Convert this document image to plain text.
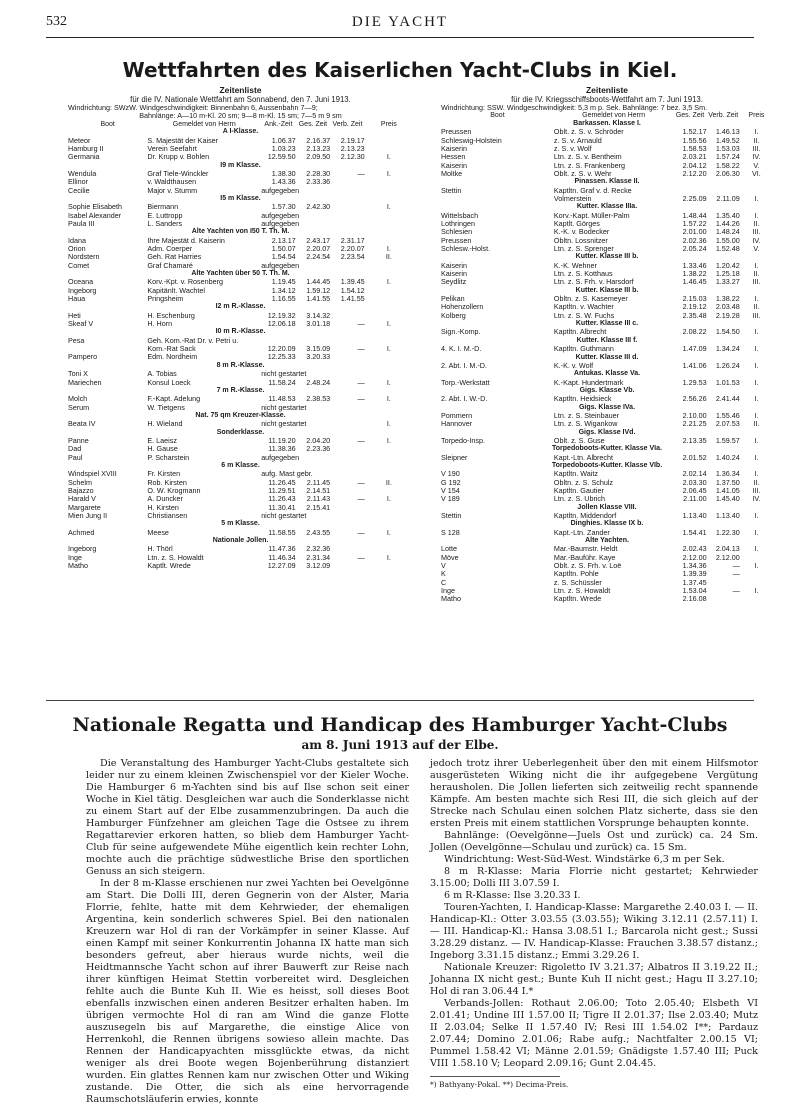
532	DIE YACHT
Wettfahrten des Kaiserlichen Yacht-Clubs in Kiel.
Zeitenliste
für die IV. Nationale Wettfahrt am Sonnabend, den 7. Juni 1913.
Windrichtung: SWzW. Windgeschwindigkeit: Binnenbahn 6, Aussenbahn 7—9;
Bahnlänge: A—10 m-Kl. 20 sm; 9—8 m-Kl. 15 sm; 7—5 m 9 sm
Boot	Gemeldet von Herrn	Ank.-Zeit	Ges. Zeit	Verb. Zeit	Preis
A I-Klasse.					
Meteor	S. Majestät der Kaiser	1.06.37	2.16.37	2.19.17	
Hamburg II	Verein Seefahrt	1.03.23	2.13.23	2.13.23	
Germania	Dr. Krupp v. Bohlen	12.59.50	2.09.50	2.12.30	I.
I9 m Klasse.					
Wendula	Graf Tiele-Winckler	1.38.30	2.28.30	—	I.
Ellinor	v. Waldthausen	1.43.36	2.33.36		
Cecilie	Major v. Stumm	aufgegeben			
I5 m Klasse.					
Sophie Elisabeth	Biermann	1.57.30	2.42.30		I.
Isabel Alexander	E. Luttropp	aufgegeben			
Paula III	L. Sanders	aufgegeben			
Alte Yachten von I50 T. Th. M.					
Idana	Ihre Majestät d. Kaiserin	2.13.17	2.43.17	2.31.17	
Orion	Adm. Coerper	1.50.07	2.20.07	2.20.07	I.
Nordstern	Geh. Rat Harries	1.54.54	2.24.54	2.23.54	II.
Comet	Graf Chamaré	aufgegeben			
Alte Yachten über 50 T. Th. M.					
Oceana	Korv.-Kpt. v. Rosenberg	1.19.45	1.44.45	1.39.45	I.
Ingeborg	Kapitänlt. Wachtel	1.34.12	1.59.12	1.54.12	
Haua	Pringsheim	1.16.55	1.41.55	1.41.55	
I2 m R.-Klasse.					
Heti	H. Eschenburg	12.19.32	3.14.32		
Skeaf V	H. Horn	12.06.18	3.01.18	—	I.
I0 m R.-Klasse.					
Pesa	Geh. Kom.-Rat Dr. v. Petri u.				
	Kom.-Rat Sack	12.20.09	3.15.09	—	I.
Pampero	Edm. Nordheim	12.25.33	3.20.33		
8 m R.-Klasse.					
Toni X	A. Tobias	nicht gestartet			
Mariechen	Konsul Loeck	11.58.24	2.48.24	—	I.
7 m R.-Klasse.					
Molch	F.-Kapt. Adelung	11.48.53	2.38.53	—	I.
Serum	W. Tietgens	nicht gestartet			
Nat. 75 qm Kreuzer-Klasse.					
Beata IV	H. Wieland	nicht gestartet			I.
Sonderklasse.					
Panne	E. Laeisz	11.19.20	2.04.20	—	I.
Dad	H. Gause	11.38.36	2.23.36		
Paul	P. Scharstein	aufgegeben			
6 m Klasse.					
Windspiel XVIII	Fr. Kirsten	aufg. Mast gebr.			
Schelm	Rob. Kirsten	11.26.45	2.11.45	—	II.
Bajazzo	O. W. Krogmann	11.29.51	2.14.51		
Harald V	A. Duncker	11.26.43	2.11.43	—	I.
Margarete	H. Kirsten	11.30.41	2.15.41		
Mien Jung II	Christiansen	nicht gestartet			
5 m Klasse.					
Achmed	Meese	11.58.55	2.43.55	—	I.
Nationale Jollen.					
Ingeborg	H. Thörl	11.47.36	2.32.36		
Inge	Ltn. z. S. Howaldt	11.46.34	2.31.34	—	I.
Matho	Kaptlt. Wrede	12.27.09	3.12.09		
Zeitenliste
für die IV. Kriegsschiffsboots-Wettfahrt am 7. Juni 1913.
Windrichtung: SSW. Windgeschwindigkeit: 5,3 m p. Sek. Bahnlänge: 7 bez. 3,5 Sm.
Boot	Gemeldet von Herrn	Ges. Zeit	Verb. Zeit	Preis
Barkassen. Klasse I.				
Preussen	Oblt. z. S. v. Schröder	1.52.17	1.46.13	I.
Schleswig-Holstein	z. S. v. Arnauld	1.55.56	1.49.52	II.
Kaiserin	z. S. v. Wolf	1.58.53	1.53.03	III.
Hessen	Ltn. z. S. v. Bentheim	2.03.21	1.57.24	IV.
Kaiserin	Ltn. z. S. Frankenberg	2.04.12	1.58.22	V.
Moltke	Oblt. z. S. v. Wehr	2.12.20	2.06.30	VI.
Pinassen. Klasse II.				
Stettin	Kaptltn. Graf v. d. Recke			
	Volmerstein	2.25.09	2.11.09	I.
Kutter. Klasse IIIa.				
Wittelsbach	Korv.-Kapt. Müller-Palm	1.48.44	1.35.40	I.
Lothringen	Kaptlt. Görges	1.57.22	1.44.26	II.
Schlesien	K.-K. v. Bodecker	2.01.00	1.48.24	III.
Preussen	Obltn. Lossnitzer	2.02.36	1.55.00	IV.
Schlesw.-Holst.	Ltn. z. S. Sprenger	2.05.24	1.52.48	V.
Kutter. Klasse III b.				
Kaiserin	K.-K. Wehner	1.33.46	1.20.42	I.
Kaiserin	Ltn. z. S. Kotthaus	1.38.22	1.25.18	II.
Seydlitz	Ltn. z. S. Frh. v. Harsdorf	1.46.45	1.33.27	III.
Kutter. Klasse III b.				
Pelikan	Obltn. z. S. Kasemeyer	2.15.03	1.38.22	I.
Hohenzollern	Kaptltn. v. Wachter	2.19.12	2.03.48	II.
Kolberg	Ltn. z. S. W. Fuchs	2.35.48	2.19.28	III.
Kutter. Klasse III c.				
Sign.-Komp.	Kaptltn. Albrecht	2.08.22	1.54.50	I.
Kutter. Klasse III f.				
4. K. I. M.-D.	Kaptltn. Guthmann	1.47.09	1.34.24	I.
Kutter. Klasse III d.				
2. Abt. I. M.-D.	K.-K. v. Wolf	1.41.06	1.26.24	I.
Antukas. Klasse Va.				
Torp.-Werkstatt	K.-Kapt. Hundertmark	1.29.53	1.01.53	I.
Gigs. Klasse Vb.				
2. Abt. I. W.-D.	Kaptltn. Heidsieck	2.56.26	2.41.44	I.
Gigs. Klasse IVa.				
Pommern	Ltn. z. S. Steinbauer	2.10.00	1.55.46	I.
Hannover	Ltn. z. S. Wigankow	2.21.25	2.07.53	II.
Gigs. Klasse IVd.				
Torpedo-Insp.	Oblt. z. S. Guse	2.13.35	1.59.57	I.
Torpedoboots-Kutter. Klasse VIa.				
Sleipner	Kapt.-Ltn. Albrecht	2.01.52	1.40.24	I.
Torpedoboots-Kutter. Klasse VIb.				
V 190	Kaptltn. Waitz	2.02.14	1.36.34	I.
G 192	Obltn. z. S. Schulz	2.03.30	1.37.50	II.
V 154	Kaptltn. Gautier	2.06.45	1.41.05	III.
V 189	Ltn. z. S. Ubrich	2.11.00	1.45.40	IV.
Jollen Klasse VIII.				
Stettin	Kaptltn. Middendorf	1.13.40	1.13.40	I.
Dinghies. Klasse IX b.				
S 128	Kapt.-Ltn. Zander	1.54.41	1.22.30	I.
Alte Yachten.				
Lotte	Mar.-Baumstr. Heldt	2.02.43	2.04.13	I.
Möve	Mar.-Bauführ. Kaye	2.12.00	2.12.00	
V	Oblt. z. S. Frh. v. Loë	1.34.36	—	I.
K	Kaptltn. Pohle	1.39.39	—	
C	z. S. Schüssler	1.37.45		
Inge	Ltn. z. S. Howaldt	1.53.04	—	I.
Matho	Kaptltn. Wrede	2.16.08		
Nationale Regatta und Handicap des Hamburger Yacht-Clubs
am 8. Juni 1913 auf der Elbe.

Die Veranstaltung des Hamburger Yacht-Clubs gestaltete sich leider nur zu einem kleinen Zwischenspiel vor der Kieler Woche. Die Hamburger 6 m-Yachten sind bis auf Ilse schon seit einer Woche in Kiel tätig. Desgleichen war auch die Sonderklasse nicht zu einem Start auf der Elbe zusammenzubringen. Da auch die Hamburger Fünfzehner am gleichen Tage die Ostsee zu ihrem Regattarevier erkoren hatten, so blieb dem Hamburger Yacht-Club für seine aufgewendete Mühe eigentlich kein rechter Lohn, mochte auch die prächtige südwestliche Brise den sportlichen Genuss an sich steigern.

In der 8 m-Klasse erschienen nur zwei Yachten bei Oevelgönne am Start. Die Dolli III, deren Gegnerin von der Alster, Maria Florrie, fehlte, hatte mit dem Kehrwieder, der ehemaligen Argentina, kein sonderlich schweres Spiel. Bei den nationalen Kreuzern war Hol di ran der Vorkämpfer in seiner Klasse. Auf einen Kampf mit seiner Konkurrentin Johanna IX hatte man sich besonders gefreut, aber hieraus wurde nichts, weil die Heidtmannsche Yacht schon auf ihrer Bauwerft zur Reise nach ihrer künftigen Heimat Stettin vorbereitet wird. Desgleichen fehlte auch die Bunte Kuh II. Wie es heisst, soll dieses Boot ebenfalls inzwischen einen anderen Besitzer erhalten haben. Im übrigen vermochte Hol di ran am Wind die ganze Flotte auszusegeln bis auf Margarethe, die einstige Alice von Herrenkohl, die Rennen übrigens sowieso allein machte. Das Rennen der Handicapyachten missglückte etwas, da nicht weniger als drei Boote wegen Bojenberührung distanziert wurden. Ein glattes Rennen kam nur zwischen Otter und Wiking zustande. Die Otter, die sich als eine hervorragende Raumschotsläuferin erwies, konnte

jedoch trotz ihrer Ueberlegenheit über den mit einem Hilfsmotor ausgerüsteten Wiking nicht die ihr aufgegebene Vergütung herausholen. Die Jollen lieferten sich zeitweilig recht spannende Kämpfe. Am besten machte sich Resi III, die sich gleich auf der Strecke nach Schulau einen solchen Platz sicherte, dass sie den ersten Preis mit einem stattlichen Vorsprunge behaupten konnte.

Bahnlänge: (Oevelgönne—Juels Ost und zurück) ca. 24 Sm. Jollen (Oevelgönne—Schulau und zurück) ca. 15 Sm.

Windrichtung: West-Süd-West. Windstärke 6,3 m per Sek.

8 m R-Klasse: Maria Florrie nicht gestartet; Kehrwieder 3.15.00; Dolli III 3.07.59 I.

6 m R-Klasse: Ilse 3.20.33 I.

Touren-Yachten, I. Handicap-Klasse: Margarethe 2.40.03 I. — II. Handicap-Kl.: Otter 3.03.55 (3.03.55); Wiking 3.12.11 (2.57.11) I. — III. Handicap-Kl.: Hansa 3.08.51 I.; Barcarola nicht gest.; Sussi 3.28.29 distanz. — IV. Handicap-Klasse: Frauchen 3.38.57 distanz.; Ingeborg 3.31.15 distanz.; Emmi 3.29.26 I.

Nationale Kreuzer: Rigoletto IV 3.21.37; Albatros II 3.19.22 II.; Johanna IX nicht gest.; Bunte Kuh II nicht gest.; Hagu II 3.27.10; Hol di ran 3.06.44 I.*

Verbands-Jollen: Rothaut 2.06.00; Toto 2.05.40; Elsbeth VI 2.01.41; Undine III 1.57.00 II; Tigre II 2.01.37; Ilse 2.03.40; Mutz II 2.03.04; Selke II 1.57.40 IV; Resi III 1.54.02 I**; Pardauz 2.07.44; Domino 2.01.06; Rabe aufg.; Nachtfalter 2.00.15 VI; Pummel 1.58.42 VI; Männe 2.01.59; Gnädigste 1.57.40 III; Puck VIII 1.58.10 V; Leopard 2.09.16; Gunt 2.04.45.

*) Bathyany-Pokal. **) Decima-Preis.
